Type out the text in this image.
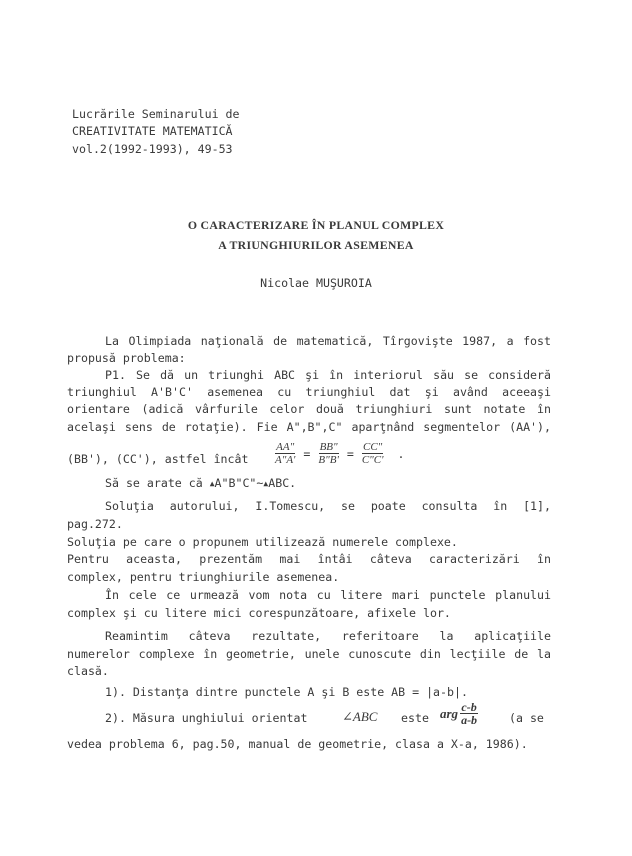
Lucrările Seminarului de
CREATIVITATE MATEMATICĂ
vol.2(1992-1993), 49-53
O CARACTERIZARE ÎN PLANUL COMPLEX
A TRIUNGHIURILOR ASEMENEA
Nicolae MUŞUROIA
La Olimpiada naţională de matematică, Tîrgovişte 1987, a fost
propusă problema:
P1. Se dă un triunghi ABC şi în interiorul său se consideră
triunghiul A'B'C' asemenea cu triunghiul dat şi având aceeaşi
orientare (adică vârfurile celor două triunghiuri sunt notate în
acelaşi sens de rotaţie). Fie A",B",C" aparţnând segmentelor (AA'),
(BB'), (CC'), astfel încât $\frac{AA"}{A"A'} = \frac{BB"}{B"B'} = \frac{CC"}{C"C'}$ .
Să se arate că ▲A"B"C"~▲ABC.
Soluţia autorului, I.Tomescu, se poate consulta în [1],
pag.272.
Soluţia pe care o propunem utilizează numerele complexe.
Pentru aceasta, prezentăm mai întâi câteva caracterizări în
complex, pentru triunghiurile asemenea.
În cele ce urmează vom nota cu litere mari punctele planului
complex şi cu litere mici corespunzătoare, afixele lor.
Reamintim câteva rezultate, referitoare la aplicaţiile
numerelor complexe în geometrie, unele cunoscute din lecţiile de la
clasă.
1). Distanţa dintre punctele A şi B este AB = |a-b|.
2). Măsura unghiului orientat	∠ABC este arg $\frac{c-b}{a-b}$	(a se
vedea problema 6, pag.50, manual de geometrie, clasa a X-a, 1986).
